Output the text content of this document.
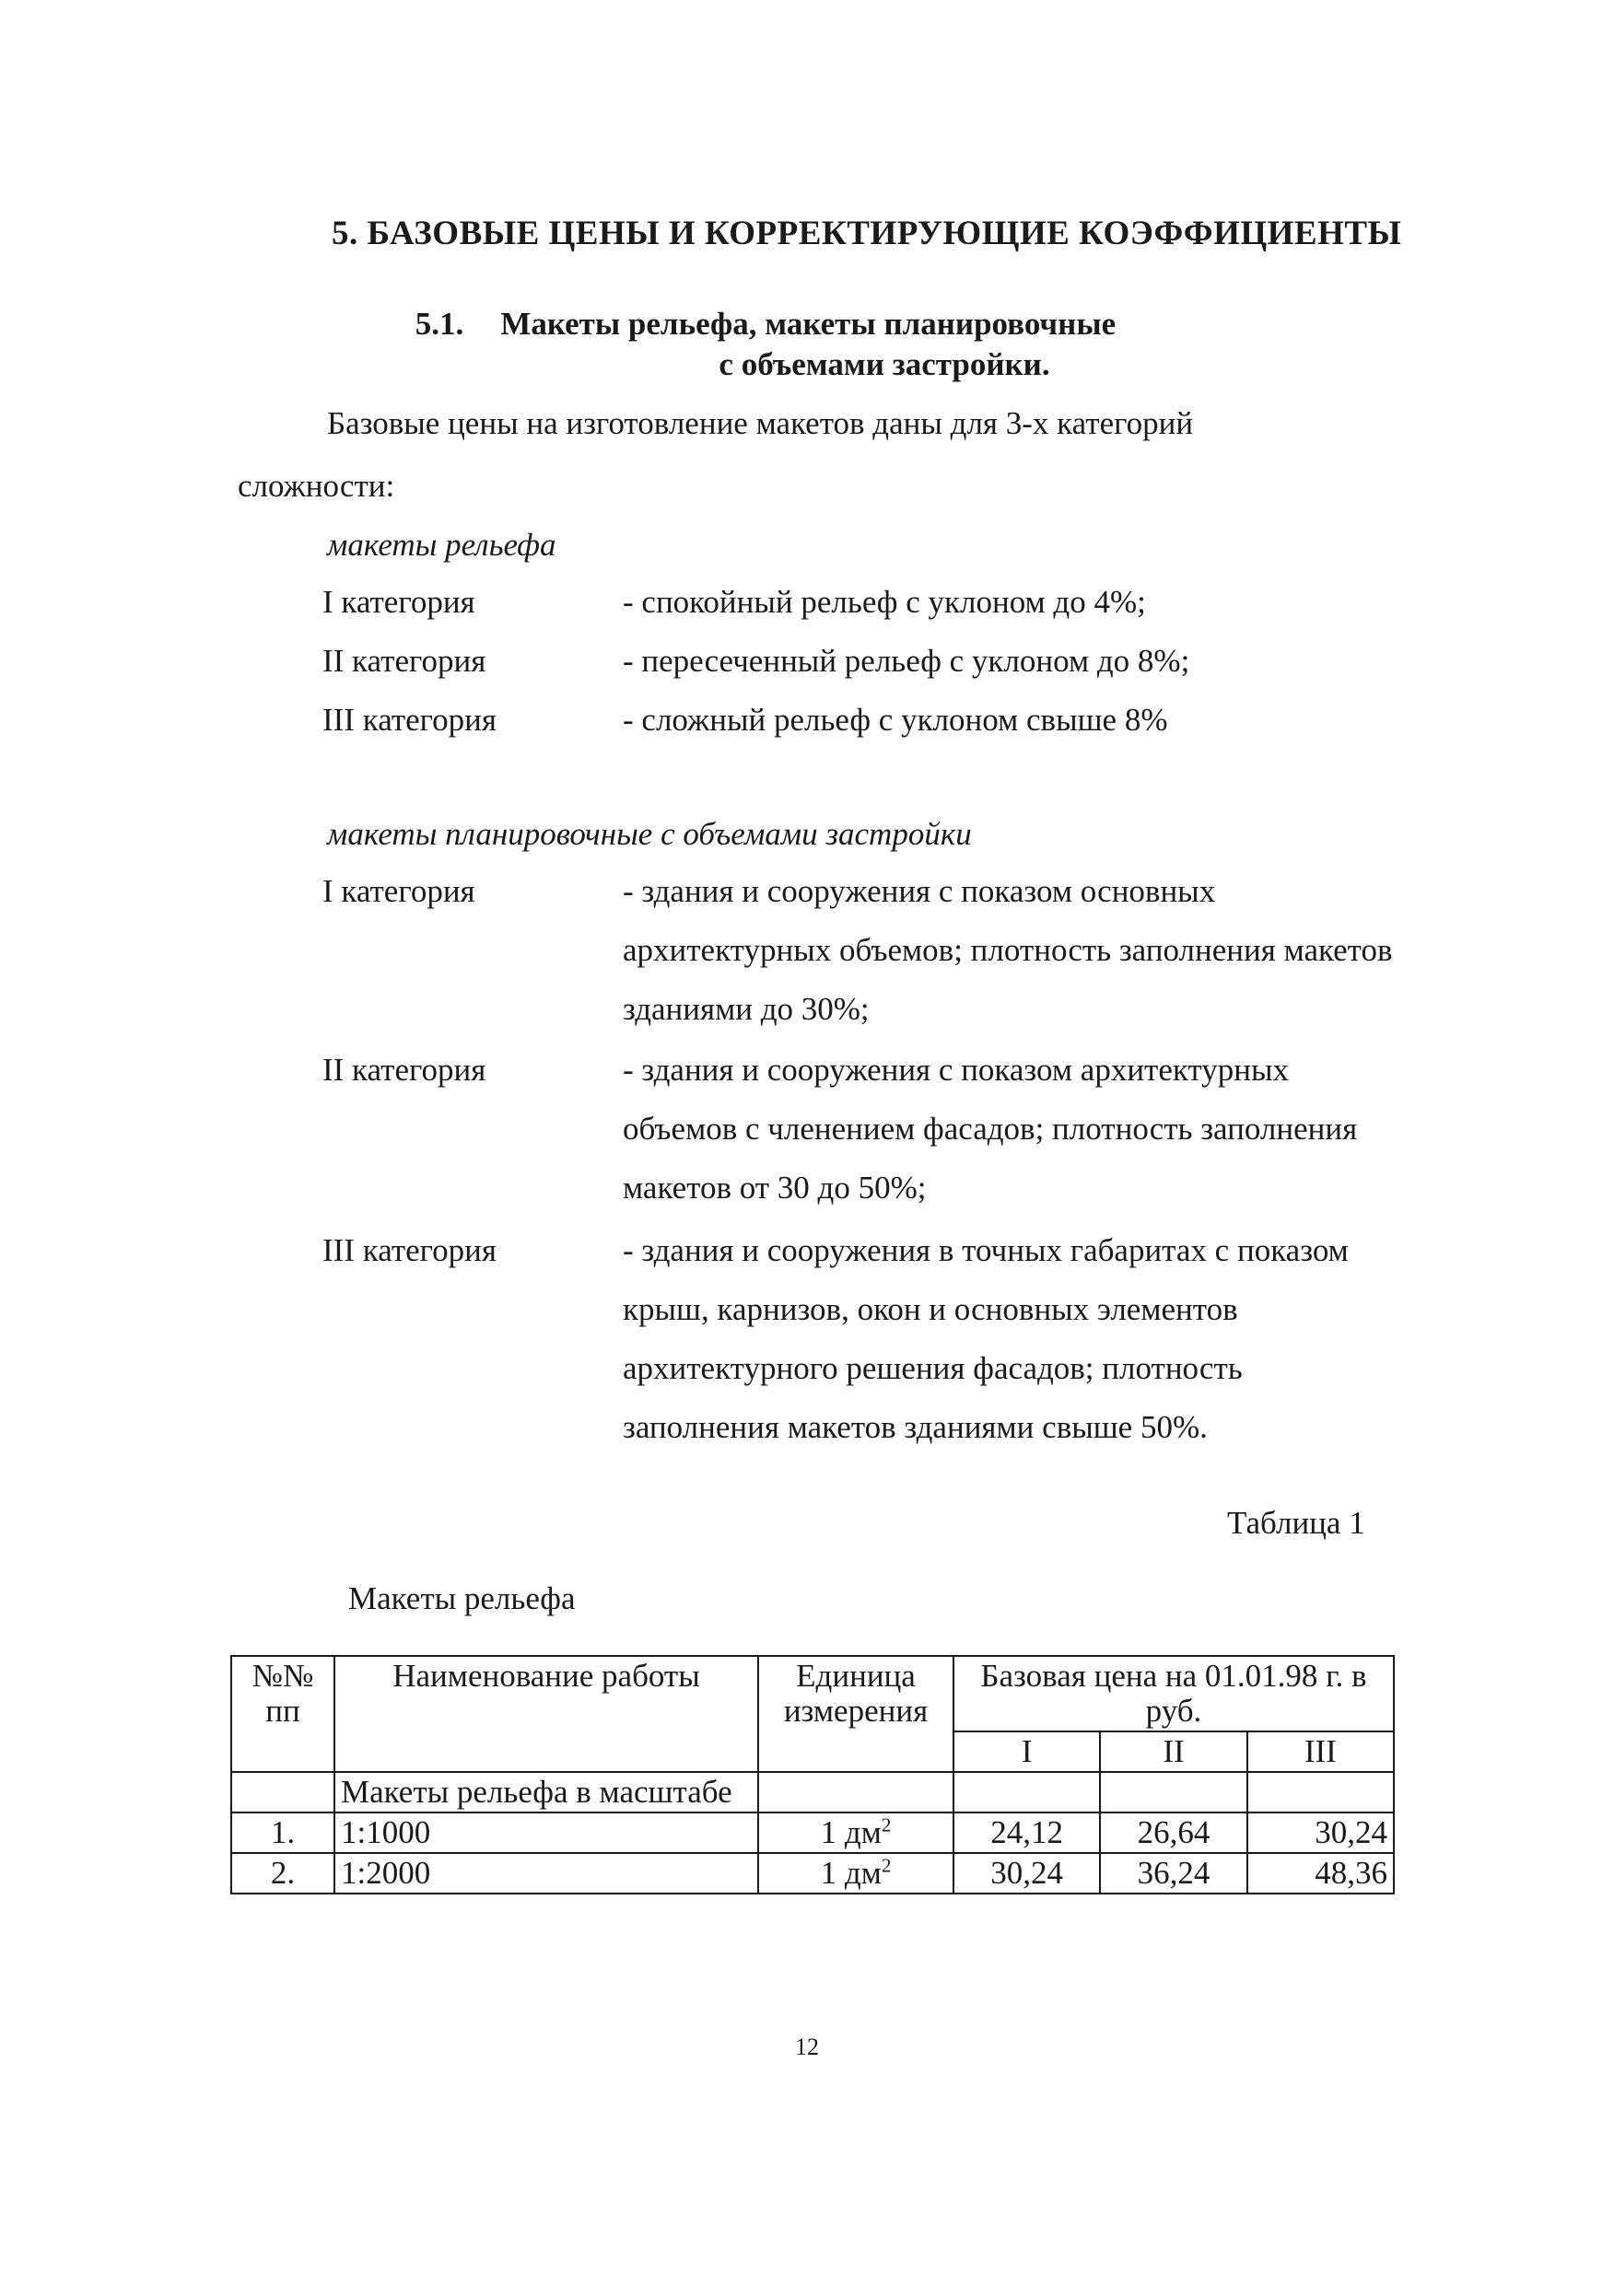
5. БАЗОВЫЕ ЦЕНЫ И КОРРЕКТИРУЮЩИЕ КОЭФФИЦИЕНТЫ
5.1. Макеты рельефа, макеты планировочные
с объемами застройки.
Базовые цены на изготовление макетов даны для 3-х категорий
сложности:
макеты рельефа
I категория	- спокойный рельеф с уклоном до 4%;
II категория	- пересеченный рельеф с уклоном до 8%;
III категория	- сложный рельеф с уклоном свыше 8%
макеты планировочные с объемами застройки
I категория	- здания и сооружения с показом основных архитектурных объемов; плотность заполнения макетов зданиями до 30%;
II категория	- здания и сооружения с показом архитектурных объемов с членением фасадов; плотность заполнения макетов от 30 до 50%;
III категория	- здания и сооружения в точных габаритах с показом крыш, карнизов, окон и основных элементов архитектурного решения фасадов; плотность заполнения макетов зданиями свыше 50%.
Таблица 1
Макеты рельефа
№№ пп	Наименование работы	Единица измерения	Базовая цена на 01.01.98 г. в руб.		
			I	II	III
	Макеты рельефа в масштабе				
1.	1:1000	1 $дм^2$	24,12	26,64	30,24
2.	1:2000	1 $дм^2$	30,24	36,24	48,36
12
